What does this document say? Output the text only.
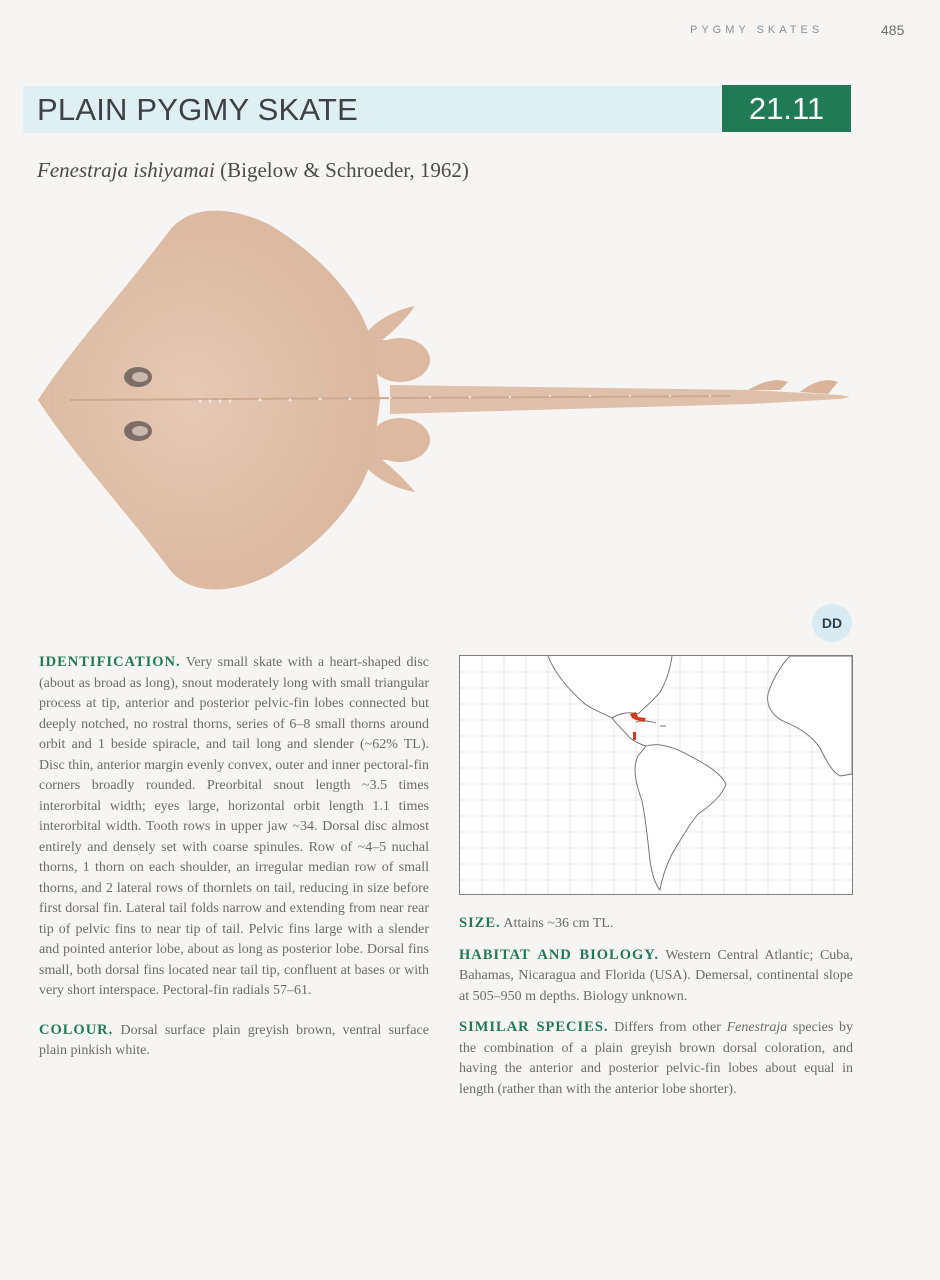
PYGMY SKATES	485
PLAIN PYGMY SKATE	21.11
Fenestraja ishiyamai (Bigelow & Schroeder, 1962)
DD

IDENTIFICATION. Very small skate with a heart-shaped disc (about as broad as long), snout moderately long with small triangular process at tip, anterior and posterior pelvic-fin lobes connected but deeply notched, no rostral thorns, series of 6–8 small thorns around orbit and 1 beside spiracle, and tail long and slender (~62% TL). Disc thin, anterior margin evenly convex, outer and inner pectoral-fin corners broadly rounded. Preorbital snout length ~3.5 times interorbital width; eyes large, horizontal orbit length 1.1 times interorbital width. Tooth rows in upper jaw ~34. Dorsal disc almost entirely and densely set with coarse spinules. Row of ~4–5 nuchal thorns, 1 thorn on each shoulder, an irregular median row of small thorns, and 2 lateral rows of thornlets on tail, reducing in size before first dorsal fin. Lateral tail folds narrow and extending from near rear tip of pelvic fins to near tip of tail. Pelvic fins large with a slender and pointed anterior lobe, about as long as posterior lobe. Dorsal fins small, both dorsal fins located near tail tip, confluent at bases or with very short interspace. Pectoral-fin radials 57–61.

COLOUR. Dorsal surface plain greyish brown, ventral surface plain pinkish white.

SIZE. Attains ~36 cm TL.

HABITAT AND BIOLOGY. Western Central Atlantic; Cuba, Bahamas, Nicaragua and Florida (USA). Demersal, continental slope at 505–950 m depths. Biology unknown.

SIMILAR SPECIES. Differs from other Fenestraja species by the combination of a plain greyish brown dorsal coloration, and having the anterior and posterior pelvic-fin lobes about equal in length (rather than with the anterior lobe shorter).
